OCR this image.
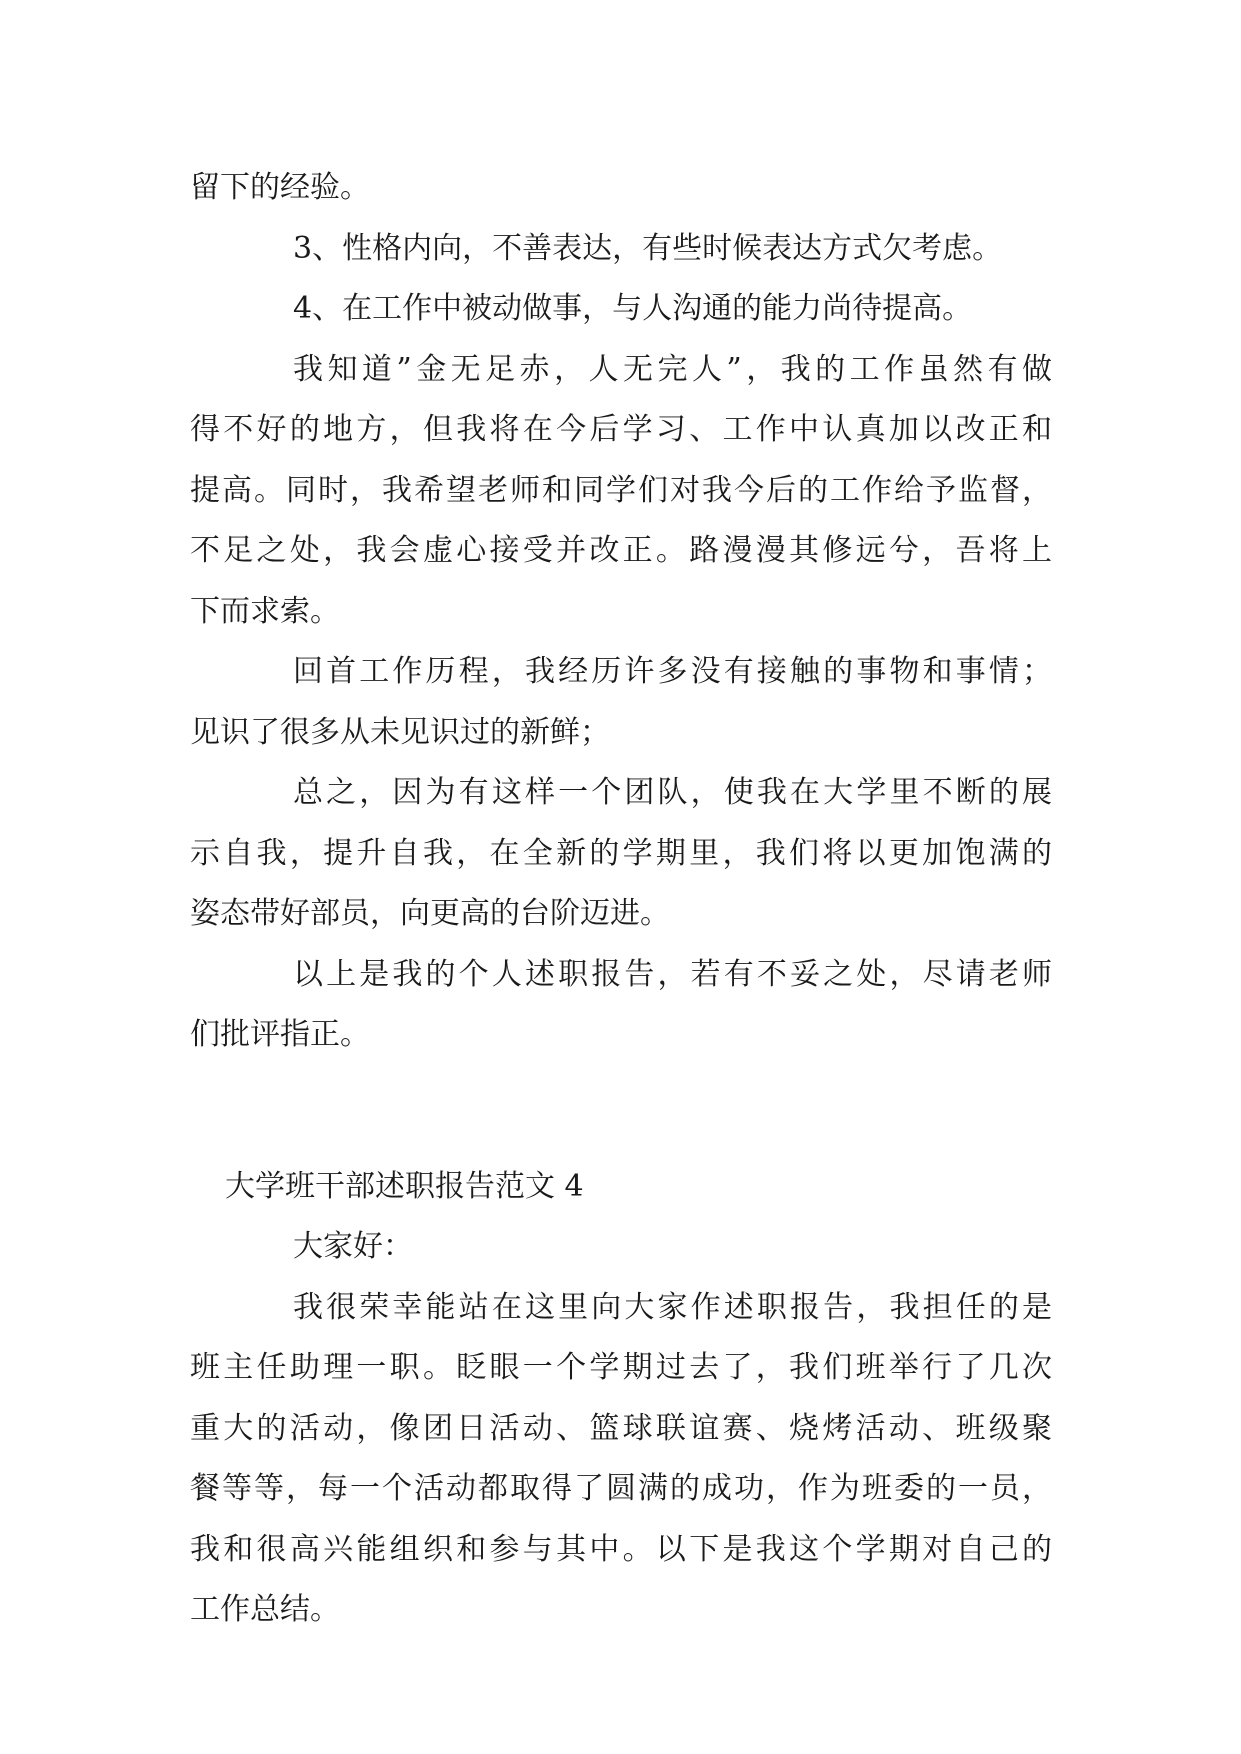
留下的经验。
3、性格内向，不善表达，有些时候表达方式欠考虑。
4、在工作中被动做事，与人沟通的能力尚待提高。
我知道”金无足赤，人无完人”，我的工作虽然有做
得不好的地方，但我将在今后学习、工作中认真加以改正和
提高。同时，我希望老师和同学们对我今后的工作给予监督，
不足之处，我会虚心接受并改正。路漫漫其修远兮，吾将上
下而求索。
回首工作历程，我经历许多没有接触的事物和事情；
见识了很多从未见识过的新鲜；
总之，因为有这样一个团队，使我在大学里不断的展
示自我，提升自我，在全新的学期里，我们将以更加饱满的
姿态带好部员，向更高的台阶迈进。
以上是我的个人述职报告，若有不妥之处，尽请老师
们批评指正。
大学班干部述职报告范文 4
大家好：
我很荣幸能站在这里向大家作述职报告，我担任的是
班主任助理一职。眨眼一个学期过去了，我们班举行了几次
重大的活动，像团日活动、篮球联谊赛、烧烤活动、班级聚
餐等等，每一个活动都取得了圆满的成功，作为班委的一员，
我和很高兴能组织和参与其中。以下是我这个学期对自己的
工作总结。
